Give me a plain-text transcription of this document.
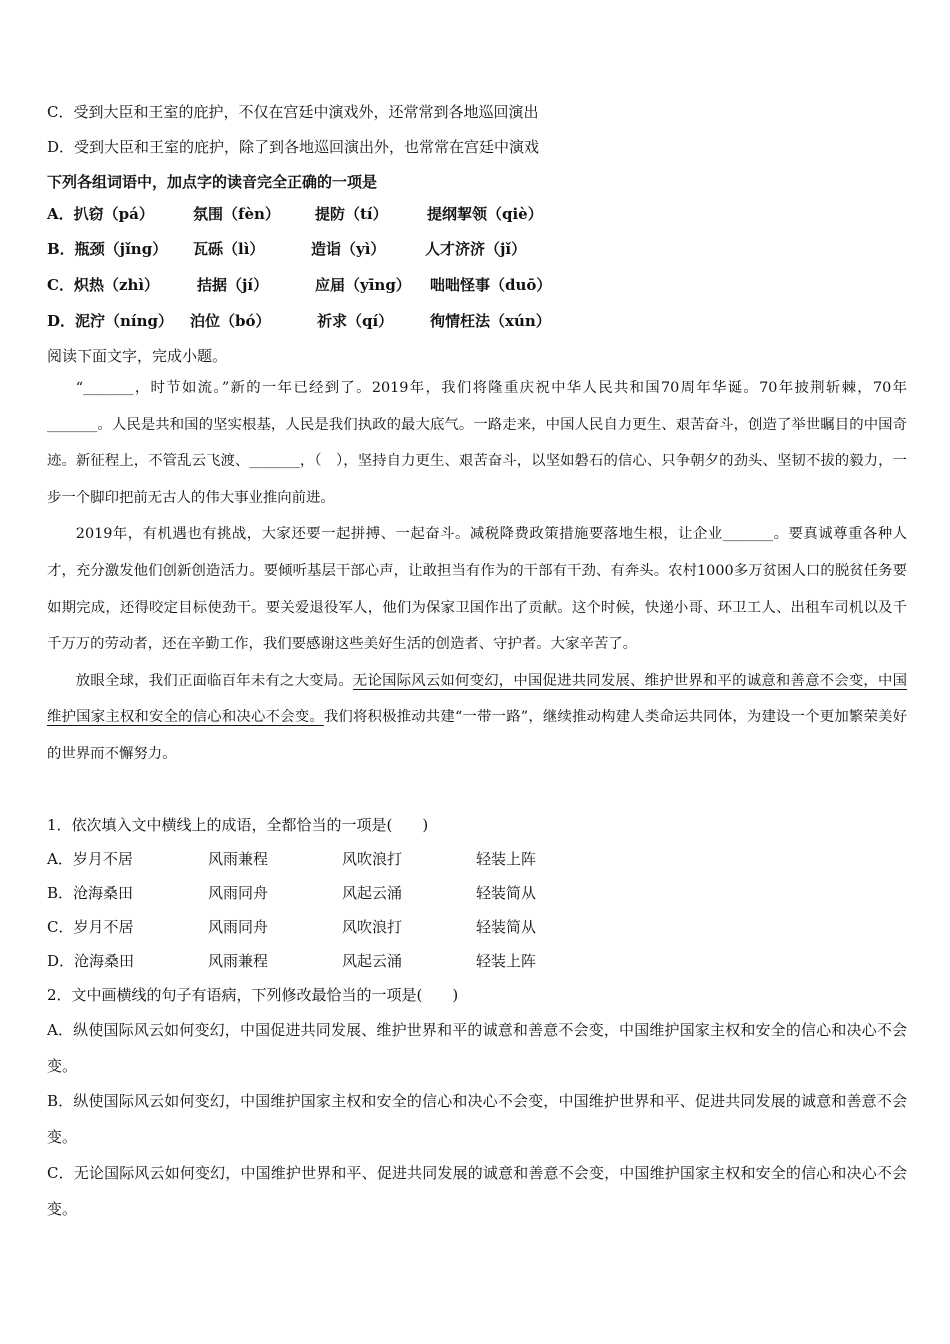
C．受到大臣和王室的庇护，不仅在宫廷中演戏外，还常常到各地巡回演出
D．受到大臣和王室的庇护，除了到各地巡回演出外，也常常在宫廷中演戏
下列各组词语中，加点字的读音完全正确的一项是
A．扒窃（pá）	氛围（fèn） 提防（tí）	提纲挈领（qiè）
B．瓶颈（jǐng） 瓦砾（lì）	造诣（yì）	人才济济（jǐ）
C．炽热（zhì）	拮据（jí）	应届（yīng） 咄咄怪事（duō）
D．泥泞（níng） 泊位（bó）	祈求（qí） 徇情枉法（xún）
阅读下面文字，完成小题。

“_______，时节如流。”新的一年已经到了。2019年，我们将隆重庆祝中华人民共和国70周年华诞。70年披荆斩棘，70年_______。人民是共和国的坚实根基，人民是我们执政的最大底气。一路走来，中国人民自力更生、艰苦奋斗，创造了举世瞩目的中国奇迹。新征程上，不管乱云飞渡、_______，（　），坚持自力更生、艰苦奋斗，以坚如磐石的信心、只争朝夕的劲头、坚韧不拔的毅力，一步一个脚印把前无古人的伟大事业推向前进。

2019年，有机遇也有挑战，大家还要一起拼搏、一起奋斗。减税降费政策措施要落地生根，让企业_______。要真诚尊重各种人才，充分激发他们创新创造活力。要倾听基层干部心声，让敢担当有作为的干部有干劲、有奔头。农村1000多万贫困人口的脱贫任务要如期完成，还得咬定目标使劲干。要关爱退役军人，他们为保家卫国作出了贡献。这个时候，快递小哥、环卫工人、出租车司机以及千千万万的劳动者，还在辛勤工作，我们要感谢这些美好生活的创造者、守护者。大家辛苦了。

放眼全球，我们正面临百年未有之大变局。无论国际风云如何变幻，中国促进共同发展、维护世界和平的诚意和善意不会变，中国维护国家主权和安全的信心和决心不会变。我们将积极推动共建“一带一路”，继续推动构建人类命运共同体，为建设一个更加繁荣美好的世界而不懈努力。

1．依次填入文中横线上的成语，全都恰当的一项是(　　)
A．岁月不居	风雨兼程	风吹浪打	轻装上阵
B．沧海桑田	风雨同舟	风起云涌	轻装简从
C．岁月不居	风雨同舟	风吹浪打	轻装简从
D．沧海桑田	风雨兼程	风起云涌	轻装上阵
2．文中画横线的句子有语病，下列修改最恰当的一项是(　　)
A．纵使国际风云如何变幻，中国促进共同发展、维护世界和平的诚意和善意不会变，中国维护国家主权和安全的信心和决心不会变。
B．纵使国际风云如何变幻，中国维护国家主权和安全的信心和决心不会变，中国维护世界和平、促进共同发展的诚意和善意不会变。
C．无论国际风云如何变幻，中国维护世界和平、促进共同发展的诚意和善意不会变，中国维护国家主权和安全的信心和决心不会变。
